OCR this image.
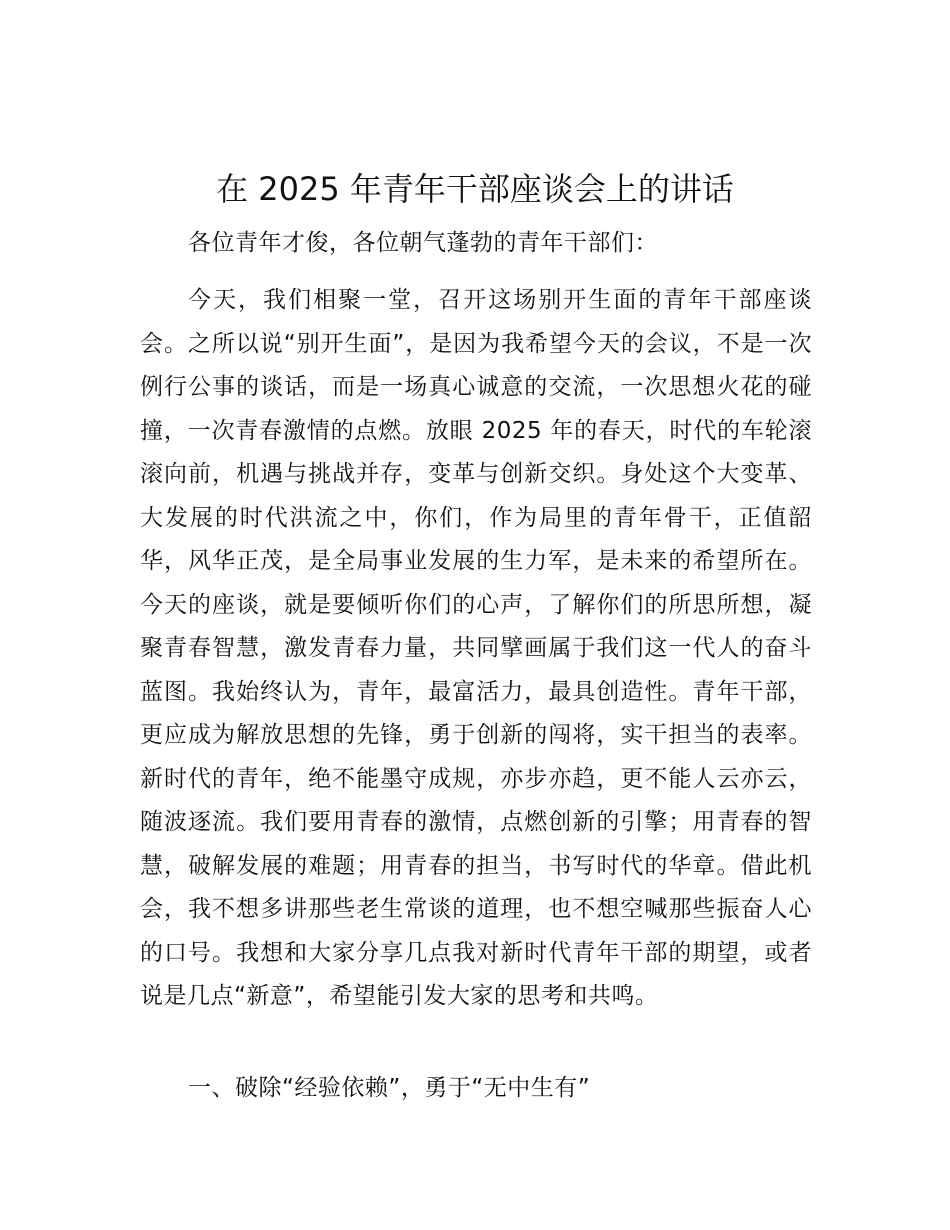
在 2025 年青年干部座谈会上的讲话

各位青年才俊，各位朝气蓬勃的青年干部们：

今天，我们相聚一堂，召开这场别开生面的青年干部座谈会。之所以说“别开生面”，是因为我希望今天的会议，不是一次例行公事的谈话，而是一场真心诚意的交流，一次思想火花的碰撞，一次青春激情的点燃。放眼 2025 年的春天，时代的车轮滚滚向前，机遇与挑战并存，变革与创新交织。身处这个大变革、大发展的时代洪流之中，你们，作为局里的青年骨干，正值韶华，风华正茂，是全局事业发展的生力军，是未来的希望所在。今天的座谈，就是要倾听你们的心声，了解你们的所思所想，凝聚青春智慧，激发青春力量，共同擘画属于我们这一代人的奋斗蓝图。我始终认为，青年，最富活力，最具创造性。青年干部，更应成为解放思想的先锋，勇于创新的闯将，实干担当的表率。新时代的青年，绝不能墨守成规，亦步亦趋，更不能人云亦云，随波逐流。我们要用青春的激情，点燃创新的引擎；用青春的智慧，破解发展的难题；用青春的担当，书写时代的华章。借此机会，我不想多讲那些老生常谈的道理，也不想空喊那些振奋人心的口号。我想和大家分享几点我对新时代青年干部的期望，或者说是几点“新意”，希望能引发大家的思考和共鸣。

一、破除“经验依赖”，勇于“无中生有”
